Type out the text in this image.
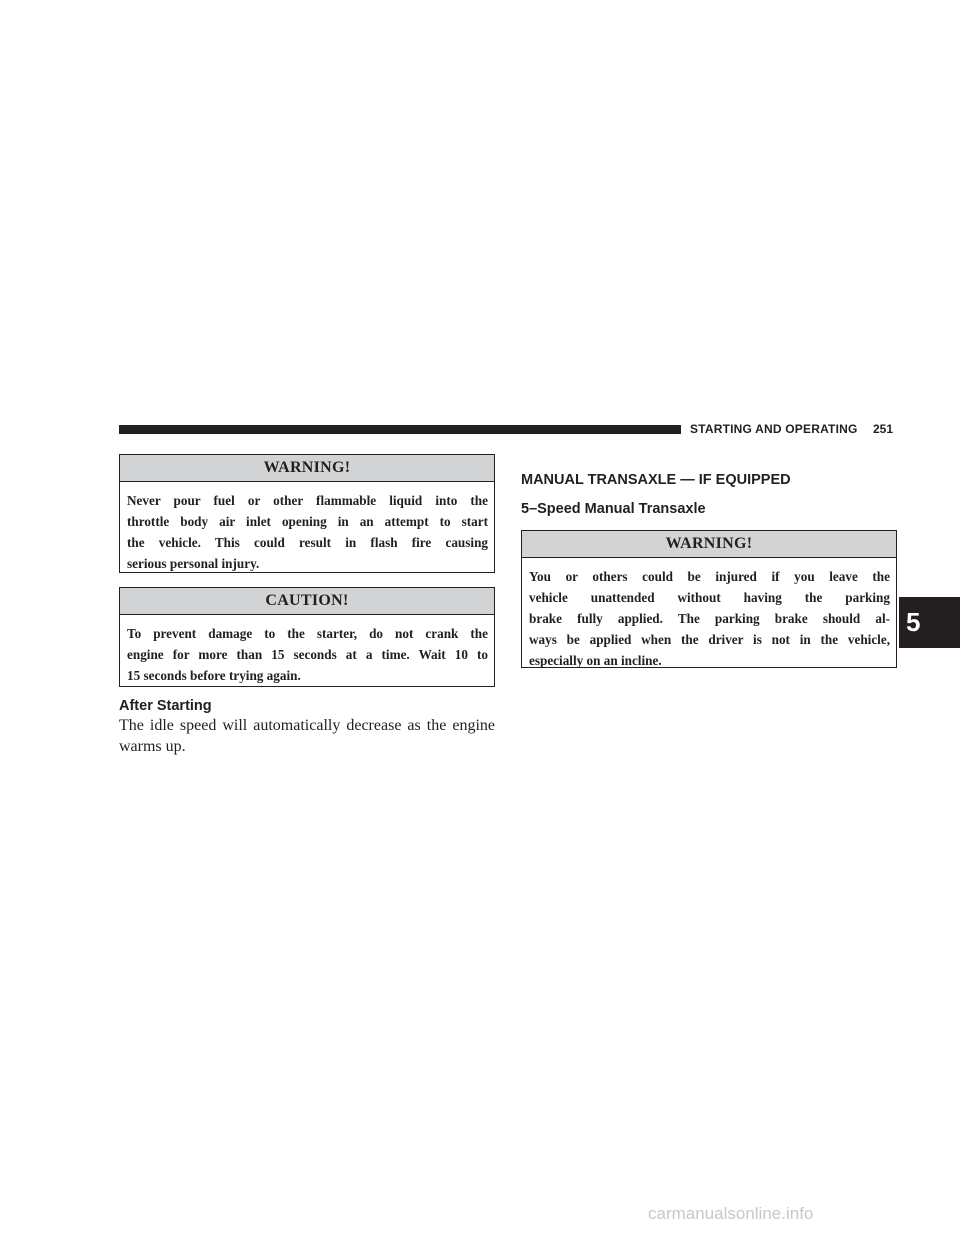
STARTING AND OPERATING 251
5
WARNING!
Never pour fuel or other flammable liquid into the
throttle body air inlet opening in an attempt to start
the vehicle. This could result in flash fire causing
serious personal injury.
CAUTION!
To prevent damage to the starter, do not crank the
engine for more than 15 seconds at a time. Wait 10 to
15 seconds before trying again.
After Starting
The idle speed will automatically decrease as the engine
warms up.
MANUAL TRANSAXLE — IF EQUIPPED
5–Speed Manual Transaxle
WARNING!
You or others could be injured if you leave the
vehicle unattended without having the parking
brake fully applied. The parking brake should al-
ways be applied when the driver is not in the vehicle,
especially on an incline.
carmanualsonline.info
